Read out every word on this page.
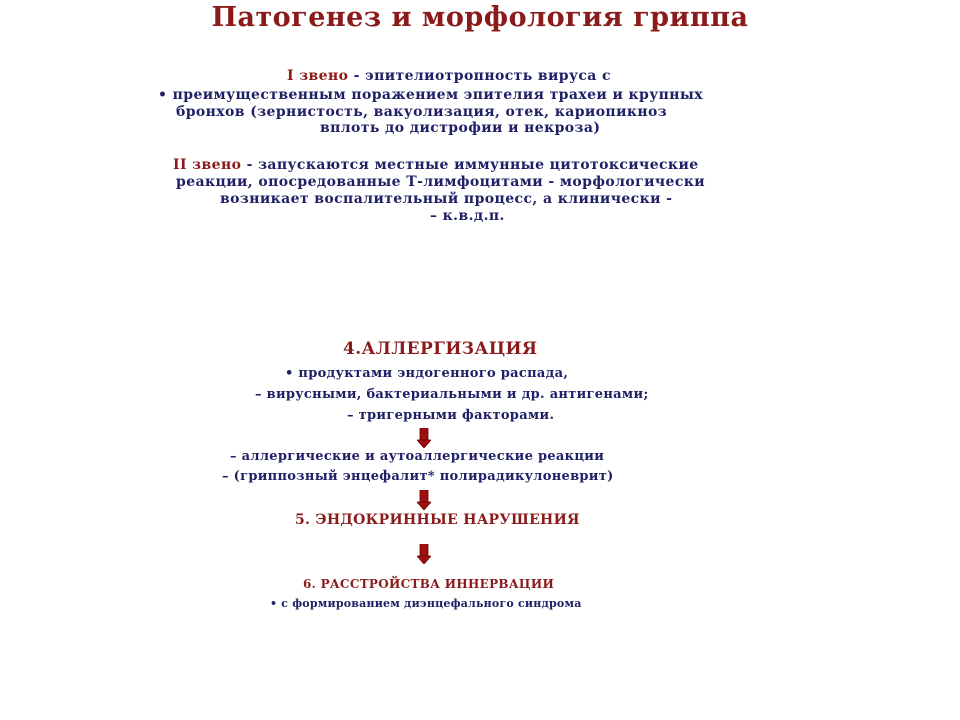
Патогенез и морфология гриппа
I звено - эпителиотропность вируса с
• преимущественным поражением эпителия трахеи и крупных
бронхов (зернистость, вакуолизация, отек, кариопикноз
вплоть до дистрофии и некроза)
II звено - запускаются местные иммунные цитотоксические
реакции, опосредованные Т-лимфоцитами - морфологически
возникает воспалительный процесс, а клинически -
– к.в.д.п.
4.АЛЛЕРГИЗАЦИЯ
• продуктами эндогенного распада,
– вирусными, бактериальными и др. антигенами;
– тригерными факторами.
– аллергические и аутоаллергические реакции
– (гриппозный энцефалит* полирадикулоневрит)
5. ЭНДОКРИННЫЕ НАРУШЕНИЯ
6. РАССТРОЙСТВА ИННЕРВАЦИИ
• с формированием диэнцефального синдрома
